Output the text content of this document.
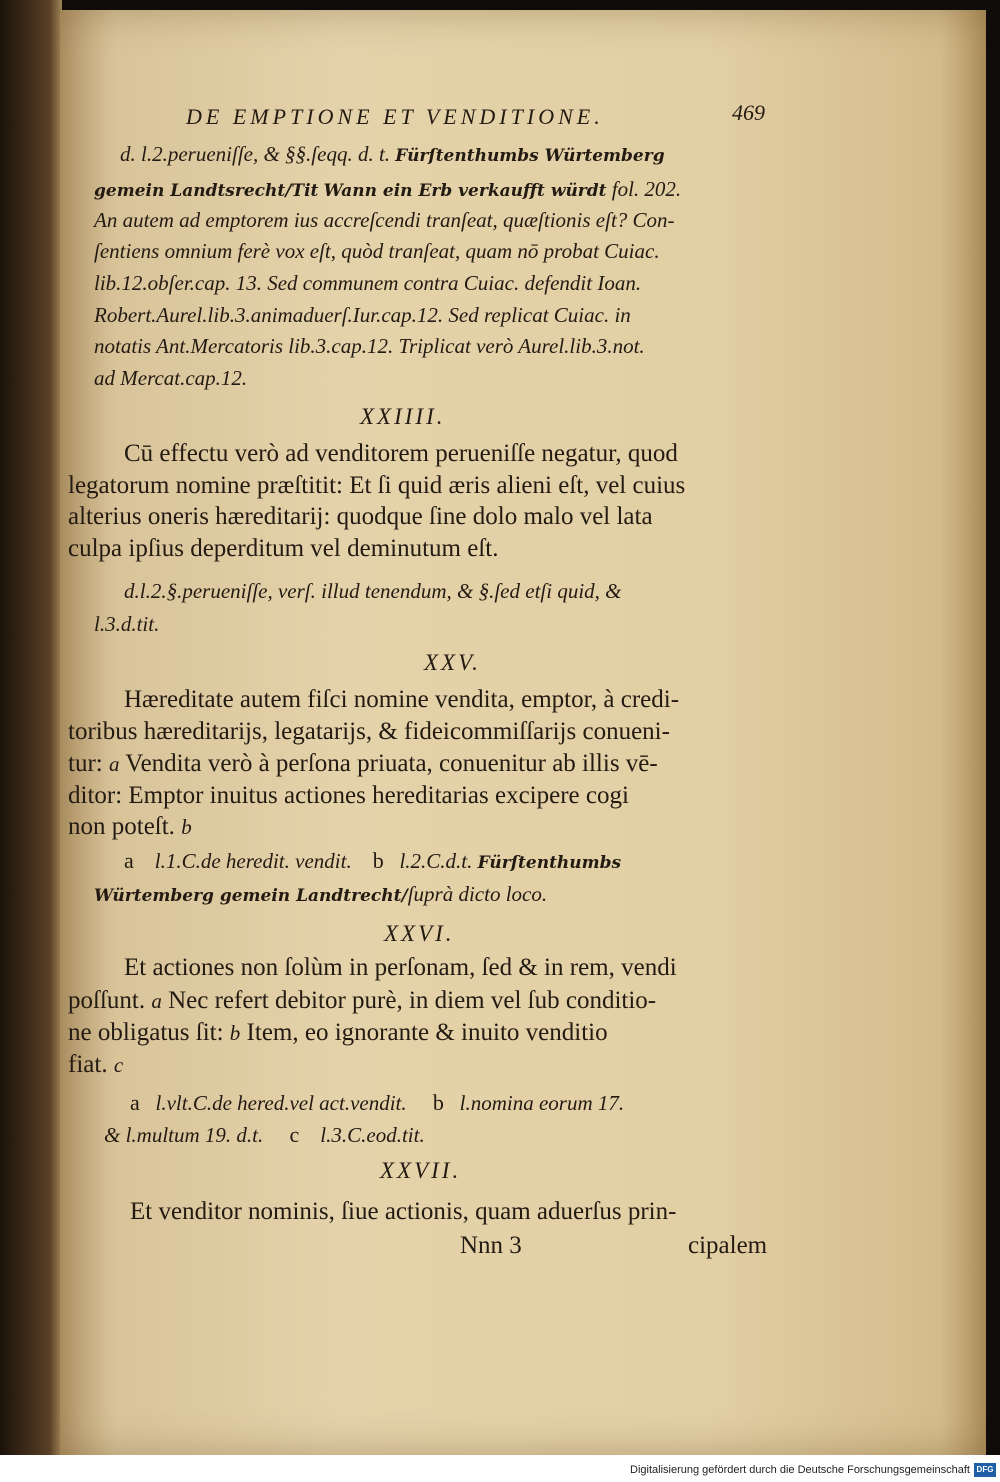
DE EMPTIONE ET VENDITIONE.	469
d. l.2.perueniſſe, & §§.ſeqq. d. t. Fürſtenthumbs Würtemberg
gemein Landtsrecht/Tit Wann ein Erb verkaufft würdt fol. 202.
An autem ad emptorem ius accreſcendi tranſeat, quæſtionis eſt? Con-
ſentiens omnium ferè vox eſt, quòd tranſeat, quam nō probat Cuiac.
lib.12.obſer.cap. 13. Sed communem contra Cuiac. defendit Ioan.
Robert.Aurel.lib.3.animaduerſ.Iur.cap.12. Sed replicat Cuiac. in
notatis Ant.Mercatoris lib.3.cap.12. Triplicat verò Aurel.lib.3.not.
ad Mercat.cap.12.
XXIIII.
Cū effectu verò ad venditorem perueniſſe negatur, quod
legatorum nomine præſtitit: Et ſi quid æris alieni eſt, vel cuius
alterius oneris hæreditarij: quodque ſine dolo malo vel lata
culpa ipſius deperditum vel deminutum eſt.
d.l.2.§.perueniſſe, verſ. illud tenendum, & §.ſed etſi quid, &
l.3.d.tit.
XXV.
Hæreditate autem fiſci nomine vendita, emptor, à credi-
toribus hæreditarijs, legatarijs, & fideicommiſſarijs conueni-
tur: a Vendita verò à perſona priuata, conuenitur ab illis vē-
ditor: Emptor inuitus actiones hereditarias excipere cogi
non poteſt. b
a l.1.C.de heredit. vendit. b l.2.C.d.t. Fürſtenthumbs
Würtemberg gemein Landtrecht/ſuprà dicto loco.
XXVI.
Et actiones non ſolùm in perſonam, ſed & in rem, vendi
poſſunt. a Nec refert debitor purè, in diem vel ſub conditio-
ne obligatus ſit: b Item, eo ignorante & inuito venditio
fiat. c
a l.vlt.C.de hered.vel act.vendit. b l.nomina eorum 17.
& l.multum 19. d.t. c l.3.C.eod.tit.
XXVII.
Et venditor nominis, ſiue actionis, quam aduerſus prin-
Nnn 3	cipalem
Digitalisierung gefördert durch die Deutsche Forschungsgemeinschaft DFG
